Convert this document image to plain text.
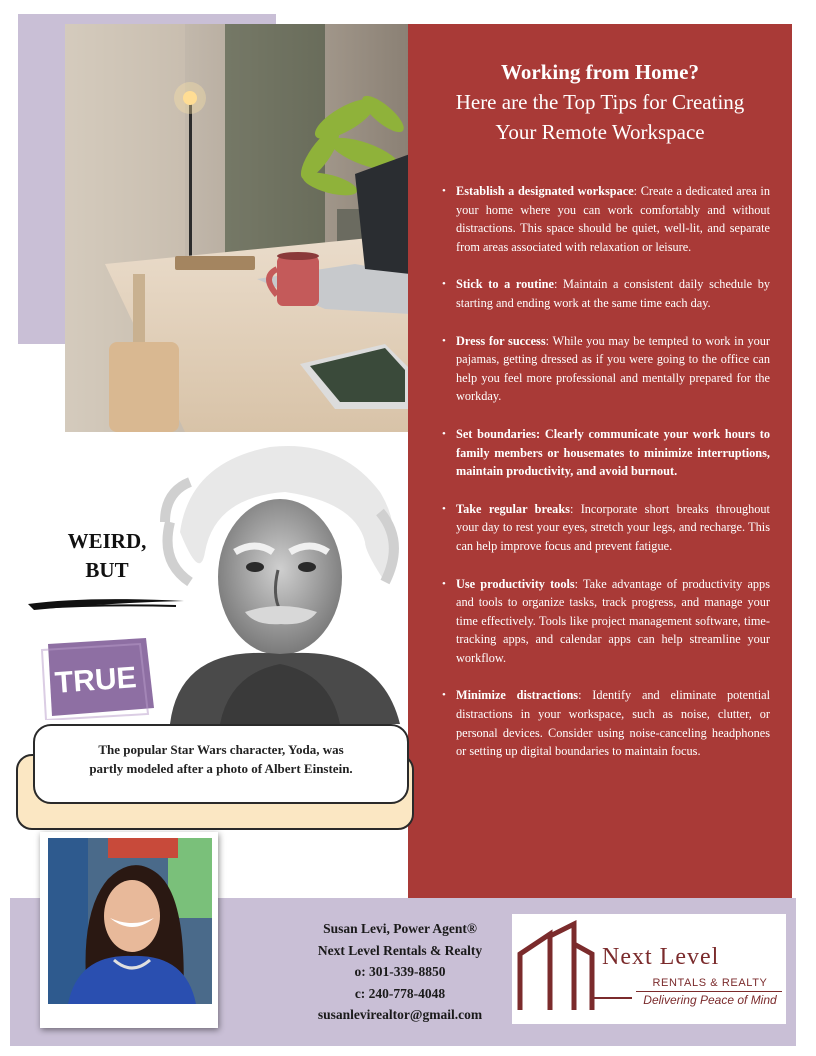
Working from Home?
Here are the Top Tips for Creating
Your Remote Workspace
• Establish a designated workspace: Create a dedicated area in your home where you can work comfortably and without distractions. This space should be quiet, well-lit, and separate from areas associated with relaxation or leisure.
• Stick to a routine: Maintain a consistent daily schedule by starting and ending work at the same time each day.
• Dress for success: While you may be tempted to work in your pajamas, getting dressed as if you were going to the office can help you feel more professional and mentally prepared for the workday.
• Set boundaries: Clearly communicate your work hours to family members or housemates to minimize interruptions, maintain productivity, and avoid burnout.
• Take regular breaks: Incorporate short breaks throughout your day to rest your eyes, stretch your legs, and recharge. This can help improve focus and prevent fatigue.
• Use productivity tools: Take advantage of productivity apps and tools to organize tasks, track progress, and manage your time effectively. Tools like project management software, time-tracking apps, and calendar apps can help streamline your workflow.
• Minimize distractions: Identify and eliminate potential distractions in your workspace, such as noise, clutter, or personal devices. Consider using noise-canceling headphones or setting up digital boundaries to maintain focus.
WEIRD,
BUT
TRUE
The popular Star Wars character, Yoda, was
partly modeled after a photo of Albert Einstein.
Susan Levi, Power Agent®
Next Level Rentals & Realty
o: 301-339-8850
c: 240-778-4048
susanlevirealtor@gmail.com
Next Level
RENTALS & REALTY
Delivering Peace of Mind
